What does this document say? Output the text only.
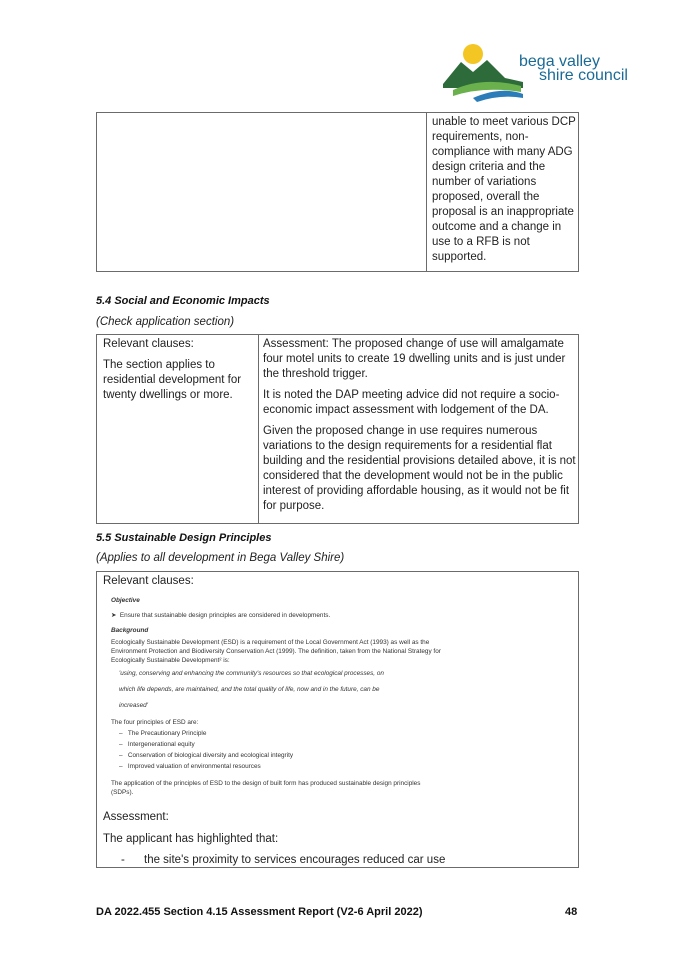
bega valley
shire council
unable to meet various DCP requirements, non-compliance with many ADG design criteria and the number of variations proposed, overall the proposal is an inappropriate outcome and a change in use to a RFB is not supported.
5.4 Social and Economic Impacts
(Check application section)

Relevant clauses:

The section applies to residential development for twenty dwellings or more.

Assessment: The proposed change of use will amalgamate four motel units to create 19 dwelling units and is just under the threshold trigger.

It is noted the DAP meeting advice did not require a socio-economic impact assessment with lodgement of the DA.

Given the proposed change in use requires numerous variations to the design requirements for a residential flat building and the residential provisions detailed above, it is not considered that the development would not be in the public interest of providing affordable housing, as it would not be fit for purpose.

5.5 Sustainable Design Principles
(Applies to all development in Bega Valley Shire)
Relevant clauses:

Objective

➤  Ensure that sustainable design principles are considered in developments.

Background

Ecologically Sustainable Development (ESD) is a requirement of the Local Government Act (1993) as well as the Environment Protection and Biodiversity Conservation Act (1999). The definition, taken from the National Strategy for Ecologically Sustainable Development² is:

'using, conserving and enhancing the community's resources so that ecological processes, on

which life depends, are maintained, and the total quality of life, now and in the future, can be

increased'

The four principles of ESD are:

–   The Precautionary Principle

–   Intergenerational equity

–   Conservation of biological diversity and ecological integrity

–   Improved valuation of environmental resources

The application of the principles of ESD to the design of built form has produced sustainable design principles (SDPs).

Assessment:
The applicant has highlighted that:
-      the site's proximity to services encourages reduced car use
DA 2022.455 Section 4.15 Assessment Report (V2-6 April 2022)	48
